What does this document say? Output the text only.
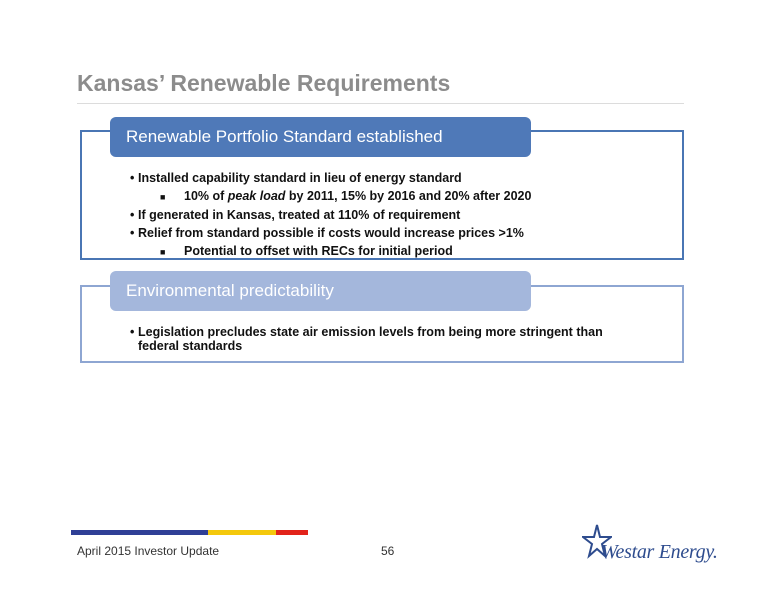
Kansas’ Renewable Requirements
Renewable Portfolio Standard established
• Installed capability standard in lieu of energy standard
■ 10% of peak load by 2011, 15% by 2016 and 20% after 2020
• If generated in Kansas, treated at 110% of requirement
• Relief from standard possible if costs would increase prices >1%
■ Potential to offset with RECs for initial period
Environmental predictability
• Legislation precludes state air emission levels from being more stringent than
federal standards
April 2015 Investor Update	56	Westar Energy.
